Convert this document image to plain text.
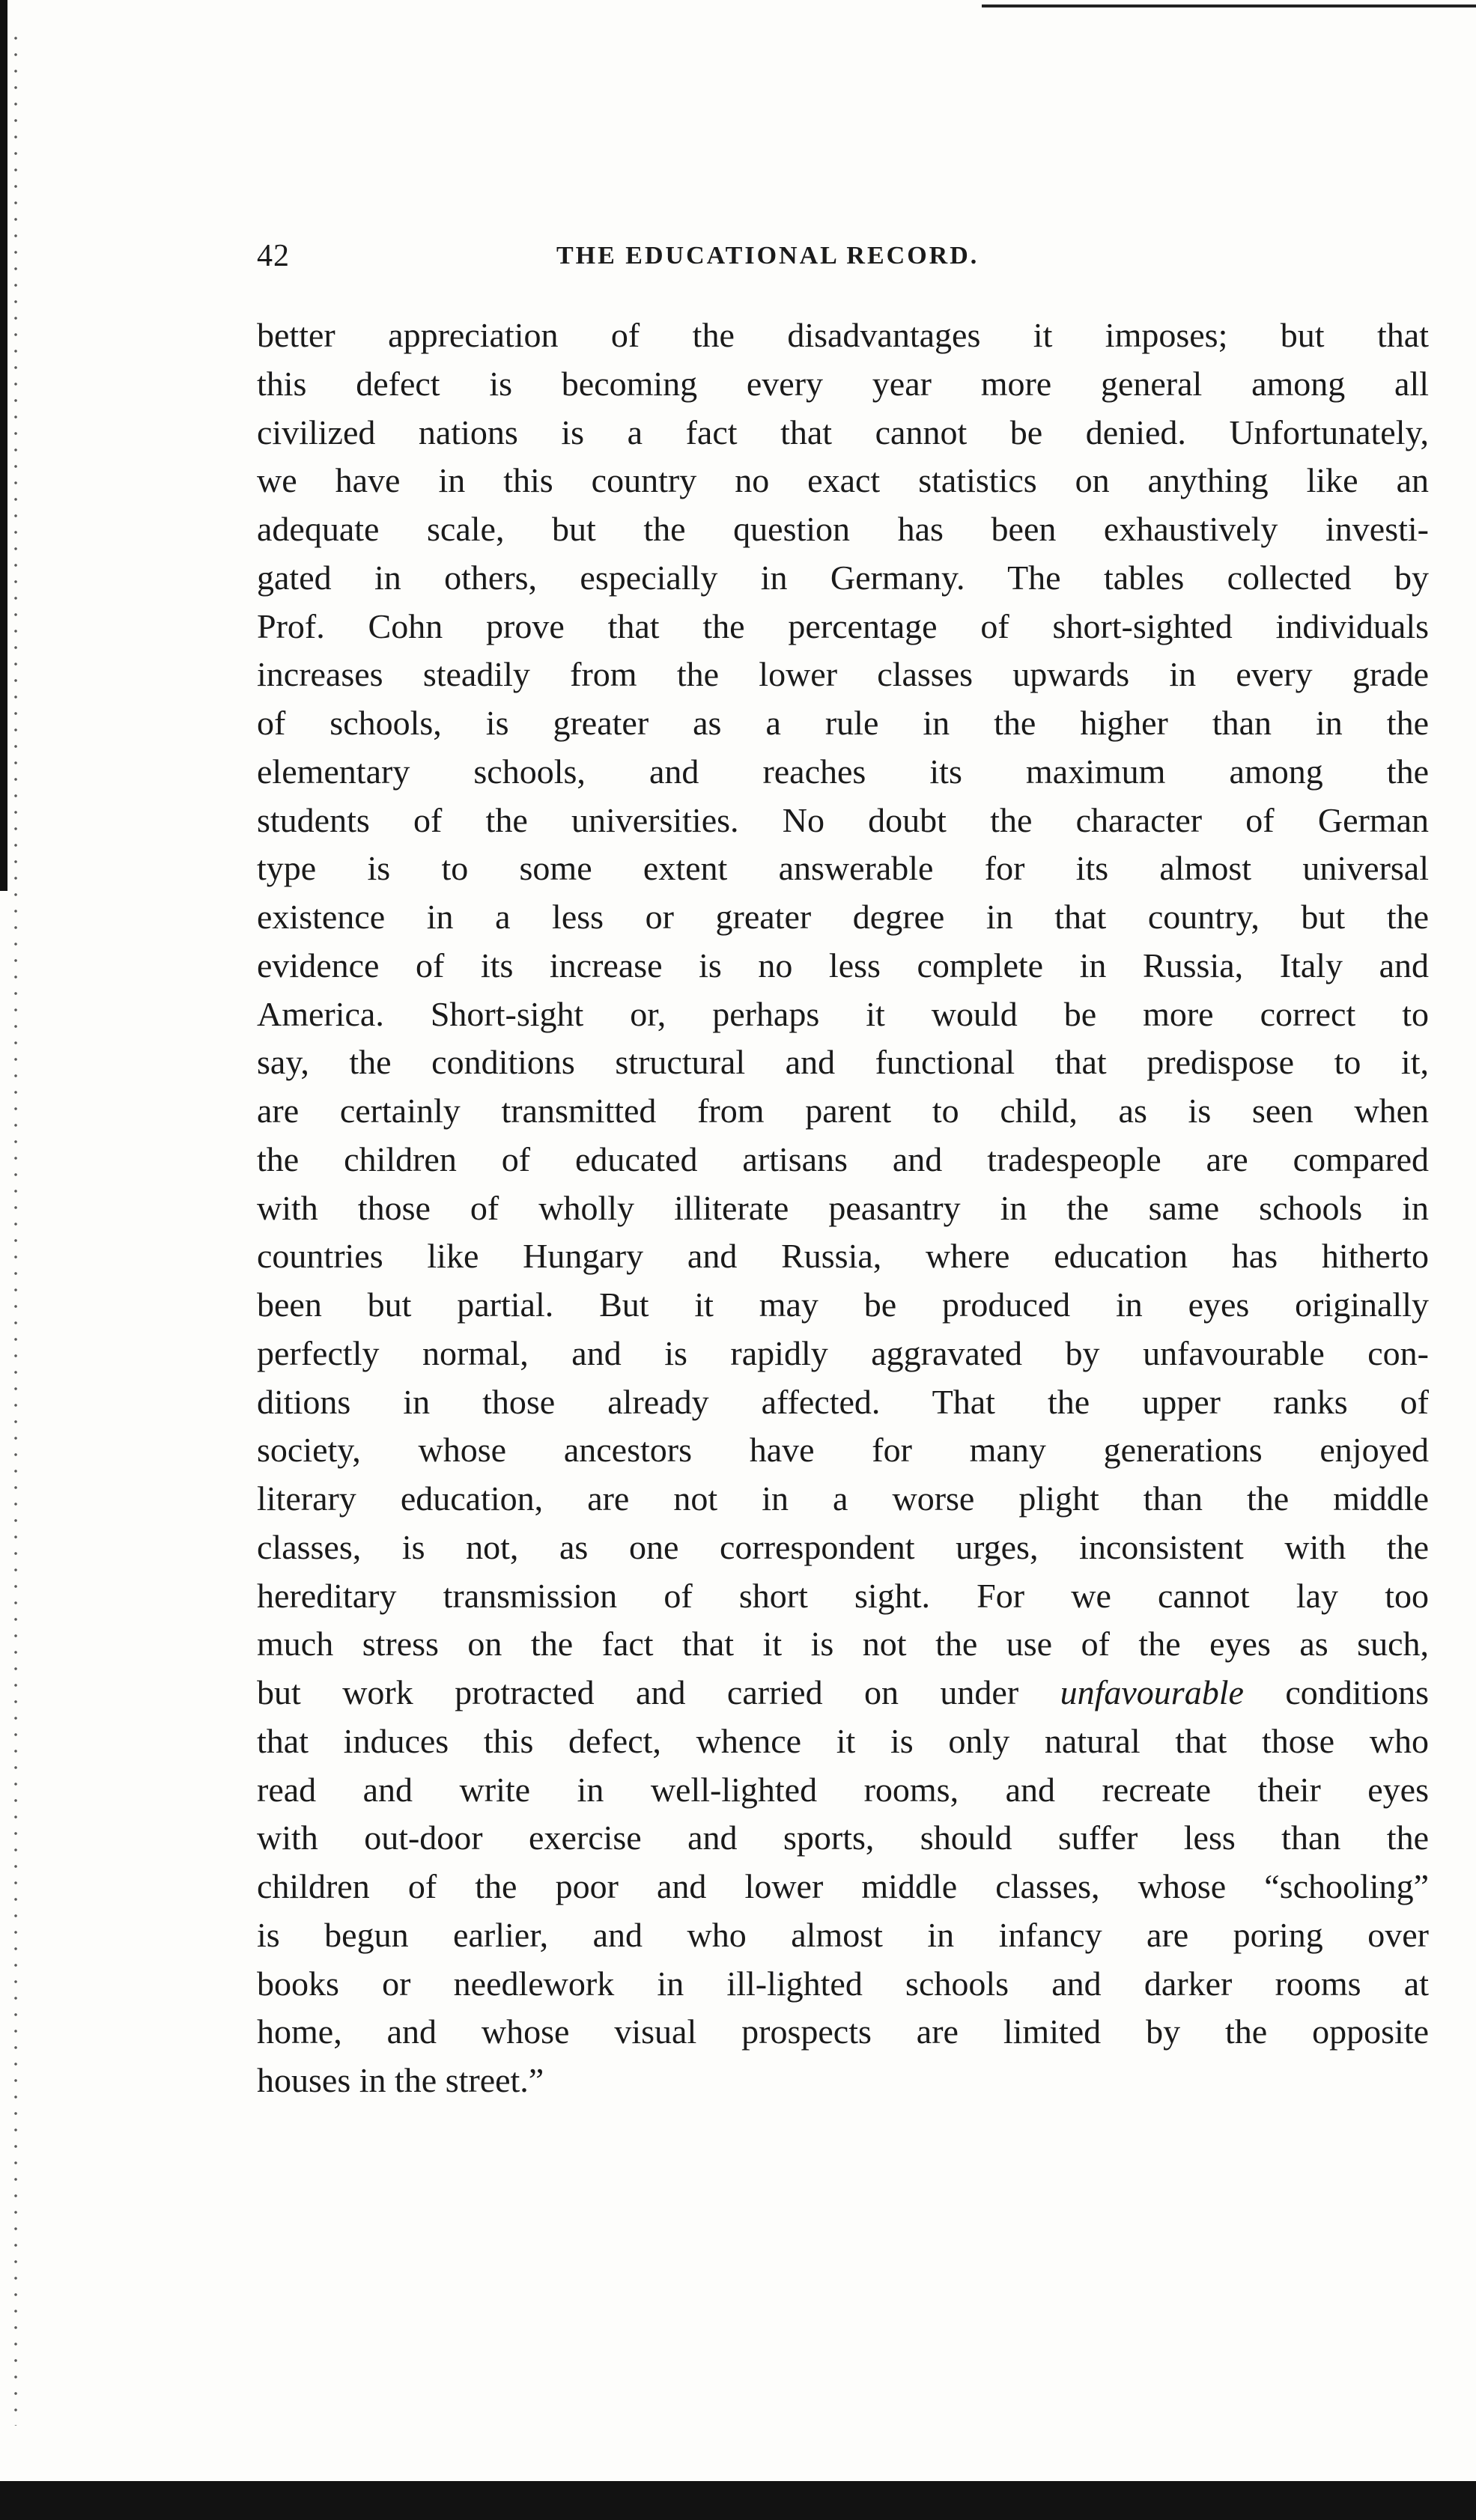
42	THE EDUCATIONAL RECORD.
better appreciation of the disadvantages it imposes; but that
this defect is becoming every year more general among all
civilized nations is a fact that cannot be denied. Unfortunately,
we have in this country no exact statistics on anything like an
adequate scale, but the question has been exhaustively investi-
gated in others, especially in Germany. The tables collected by
Prof. Cohn prove that the percentage of short-sighted individuals
increases steadily from the lower classes upwards in every grade
of schools, is greater as a rule in the higher than in the
elementary schools, and reaches its maximum among the
students of the universities. No doubt the character of German
type is to some extent answerable for its almost universal
existence in a less or greater degree in that country, but the
evidence of its increase is no less complete in Russia, Italy and
America. Short-sight or, perhaps it would be more correct to
say, the conditions structural and functional that predispose to it,
are certainly transmitted from parent to child, as is seen when
the children of educated artisans and tradespeople are compared
with those of wholly illiterate peasantry in the same schools in
countries like Hungary and Russia, where education has hitherto
been but partial. But it may be produced in eyes originally
perfectly normal, and is rapidly aggravated by unfavourable con-
ditions in those already affected. That the upper ranks of
society, whose ancestors have for many generations enjoyed
literary education, are not in a worse plight than the middle
classes, is not, as one correspondent urges, inconsistent with the
hereditary transmission of short sight. For we cannot lay too
much stress on the fact that it is not the use of the eyes as such,
but work protracted and carried on under unfavourable conditions
that induces this defect, whence it is only natural that those who
read and write in well-lighted rooms, and recreate their eyes
with out-door exercise and sports, should suffer less than the
children of the poor and lower middle classes, whose “schooling”
is begun earlier, and who almost in infancy are poring over
books or needlework in ill-lighted schools and darker rooms at
home, and whose visual prospects are limited by the opposite
houses in the street.”
